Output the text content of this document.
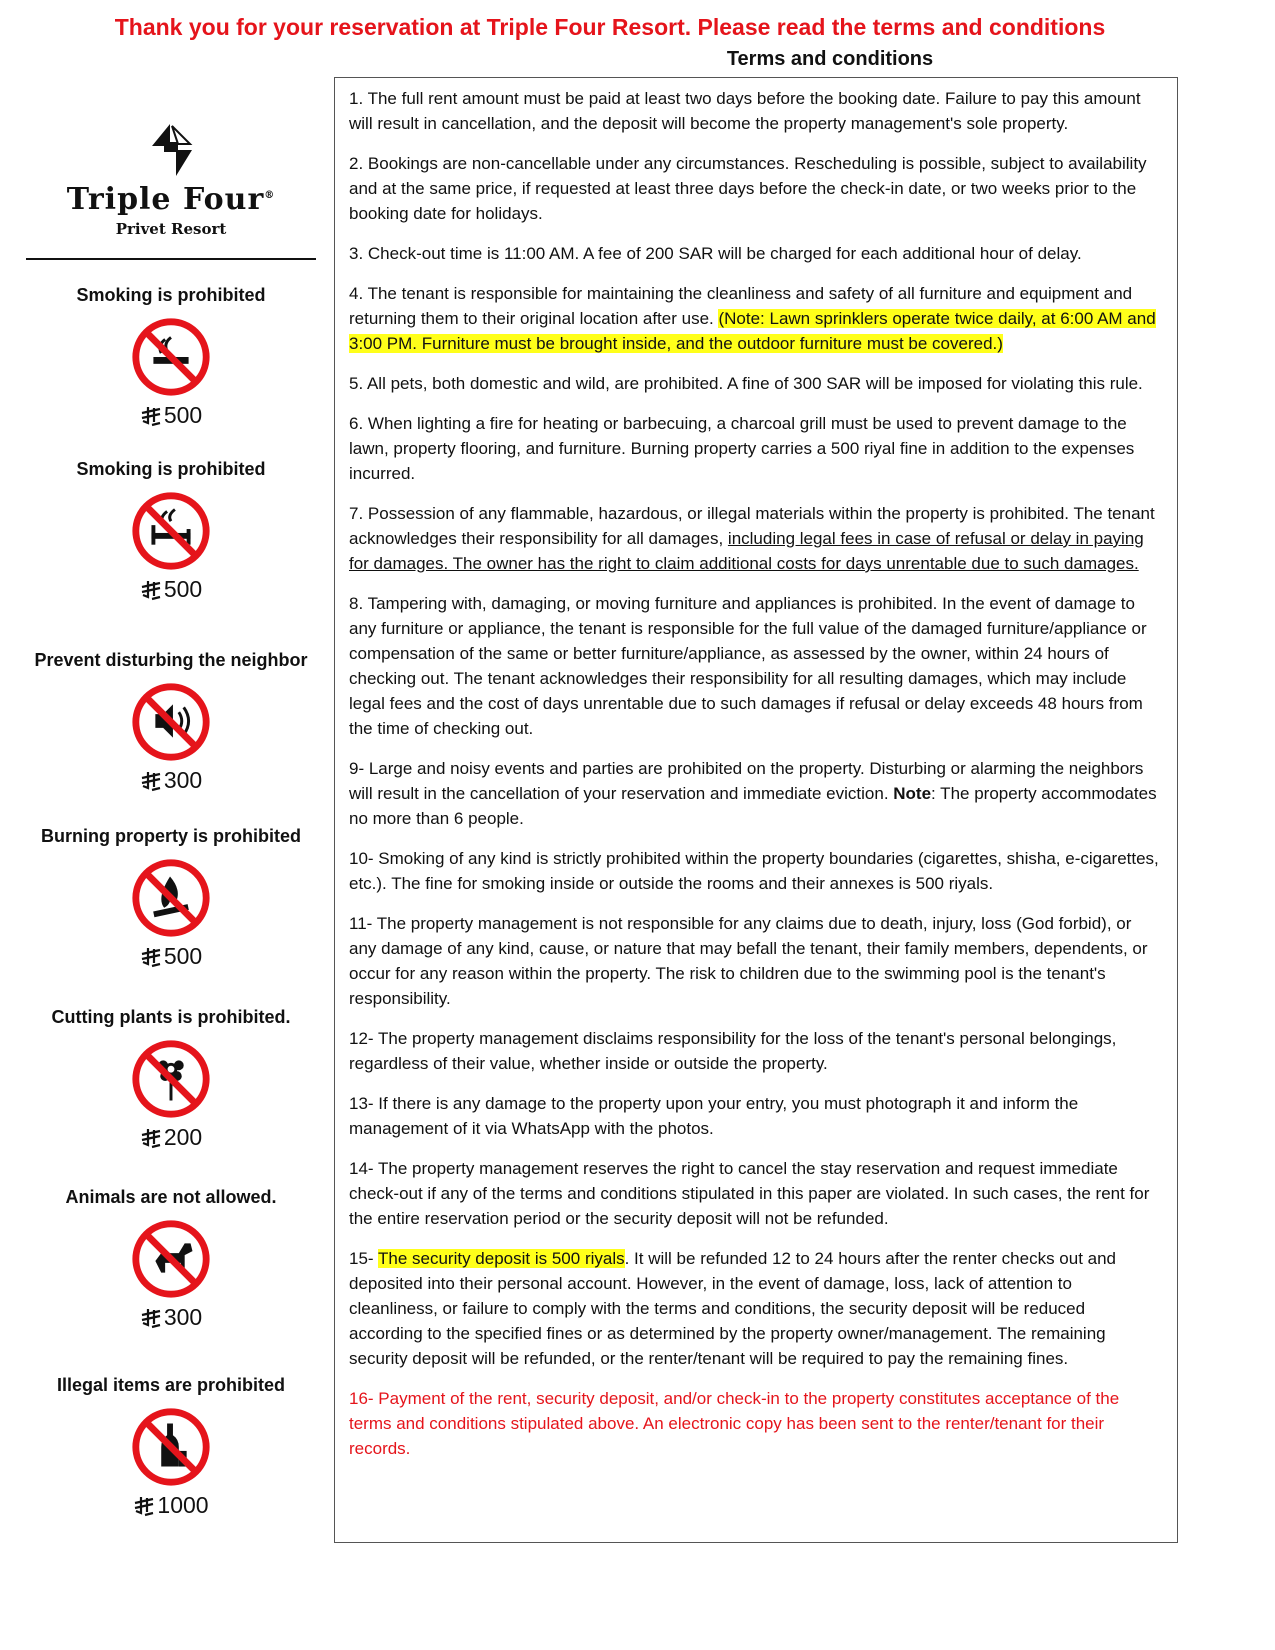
Thank you for your reservation at Triple Four Resort. Please read the terms and conditions
Terms and conditions
Triple Four®
Privet Resort
Smoking is prohibited
500
Smoking is prohibited
500
Prevent disturbing the neighbor
300
Burning property is prohibited
500
Cutting plants is prohibited.
200
Animals are not allowed.
300
Illegal items are prohibited
1000

1. The full rent amount must be paid at least two days before the booking date. Failure to pay this amount will result in cancellation, and the deposit will become the property management's sole property.

2. Bookings are non-cancellable under any circumstances. Rescheduling is possible, subject to availability and at the same price, if requested at least three days before the check-in date, or two weeks prior to the booking date for holidays.

3. Check-out time is 11:00 AM. A fee of 200 SAR will be charged for each additional hour of delay.

4. The tenant is responsible for maintaining the cleanliness and safety of all furniture and equipment and returning them to their original location after use. (Note: Lawn sprinklers operate twice daily, at 6:00 AM and 3:00 PM. Furniture must be brought inside, and the outdoor furniture must be covered.)

5. All pets, both domestic and wild, are prohibited. A fine of 300 SAR will be imposed for violating this rule.

6. When lighting a fire for heating or barbecuing, a charcoal grill must be used to prevent damage to the lawn, property flooring, and furniture. Burning property carries a 500 riyal fine in addition to the expenses incurred.

7. Possession of any flammable, hazardous, or illegal materials within the property is prohibited. The tenant acknowledges their responsibility for all damages, including legal fees in case of refusal or delay in paying for damages. The owner has the right to claim additional costs for days unrentable due to such damages.

8. Tampering with, damaging, or moving furniture and appliances is prohibited. In the event of damage to any furniture or appliance, the tenant is responsible for the full value of the damaged furniture/appliance or compensation of the same or better furniture/appliance, as assessed by the owner, within 24 hours of checking out. The tenant acknowledges their responsibility for all resulting damages, which may include legal fees and the cost of days unrentable due to such damages if refusal or delay exceeds 48 hours from the time of checking out.

9- Large and noisy events and parties are prohibited on the property. Disturbing or alarming the neighbors will result in the cancellation of your reservation and immediate eviction. Note: The property accommodates no more than 6 people.

10- Smoking of any kind is strictly prohibited within the property boundaries (cigarettes, shisha, e-cigarettes, etc.). The fine for smoking inside or outside the rooms and their annexes is 500 riyals.

11- The property management is not responsible for any claims due to death, injury, loss (God forbid), or any damage of any kind, cause, or nature that may befall the tenant, their family members, dependents, or occur for any reason within the property. The risk to children due to the swimming pool is the tenant's responsibility.

12- The property management disclaims responsibility for the loss of the tenant's personal belongings, regardless of their value, whether inside or outside the property.

13- If there is any damage to the property upon your entry, you must photograph it and inform the management of it via WhatsApp with the photos.

14- The property management reserves the right to cancel the stay reservation and request immediate check-out if any of the terms and conditions stipulated in this paper are violated. In such cases, the rent for the entire reservation period or the security deposit will not be refunded.

15- The security deposit is 500 riyals. It will be refunded 12 to 24 hours after the renter checks out and deposited into their personal account. However, in the event of damage, loss, lack of attention to cleanliness, or failure to comply with the terms and conditions, the security deposit will be reduced according to the specified fines or as determined by the property owner/management. The remaining security deposit will be refunded, or the renter/tenant will be required to pay the remaining fines.

16- Payment of the rent, security deposit, and/or check-in to the property constitutes acceptance of the terms and conditions stipulated above. An electronic copy has been sent to the renter/tenant for their records.
